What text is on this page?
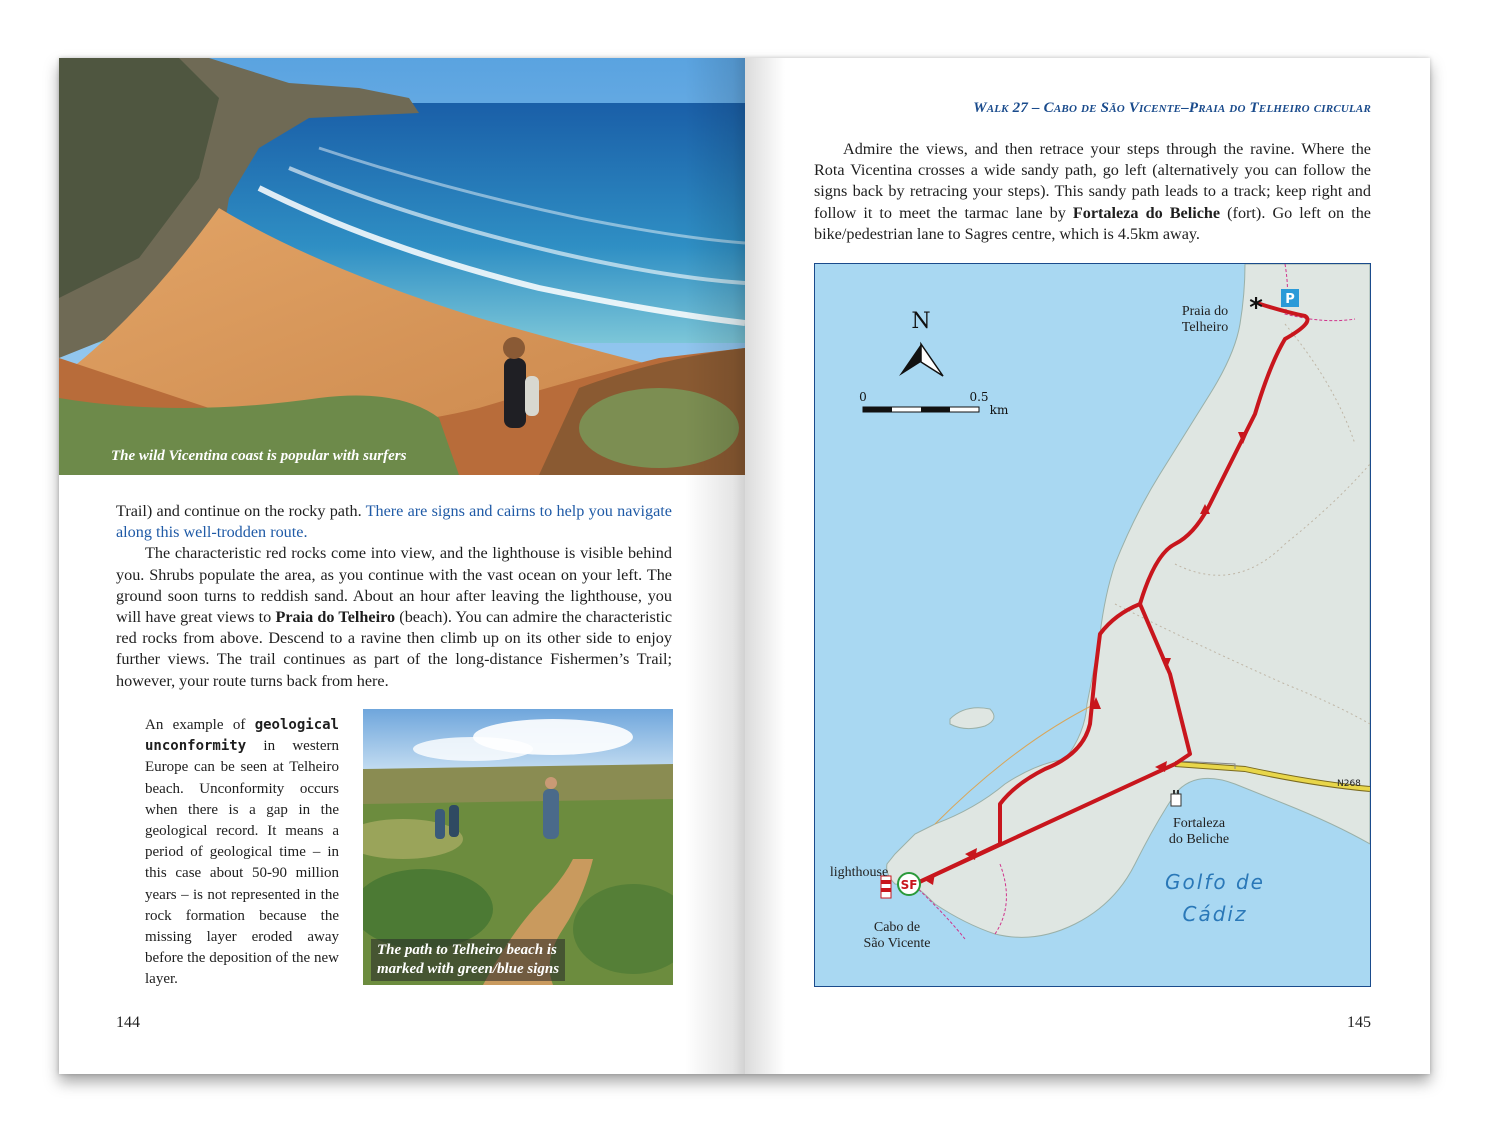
The wild Vicentina coast is popular with surfers

Trail) and continue on the rocky path. There are signs and cairns to help you navigate along this well-trodden route.

The characteristic red rocks come into view, and the lighthouse is visible behind you. Shrubs populate the area, as you continue with the vast ocean on your left. The ground soon turns to reddish sand. About an hour after leaving the lighthouse, you will have great views to Praia do Telheiro (beach). You can admire the characteristic red rocks from above. Descend to a ravine then climb up on its other side to enjoy further views. The trail continues as part of the long-distance Fishermen’s Trail; however, your route turns back from here.

An example of geological unconformity in western Europe can be seen at Telheiro beach. Unconformity occurs when there is a gap in the geological record. It means a period of geological time – in this case about 50-90 million years – is not represented in the rock formation because the missing layer eroded away before the deposition of the new layer.
The path to Telheiro beach is
marked with green/blue signs
144
Walk 27 – Cabo de São Vicente–Praia do Telheiro circular

Admire the views, and then retrace your steps through the ravine. Where the Rota Vicentina crosses a wide sandy path, go left (alternatively you can follow the signs back by retracing your steps). This sandy path leads to a track; keep right and follow it to meet the tarmac lane by Fortaleza do Beliche (fort). Go left on the bike/pedestrian lane to Sagres centre, which is 4.5km away.

SF
P
*
N
0	0.5
km
N268
Praia do
Telheiro
Fortaleza
do Beliche
lighthouse
Cabo de
São Vicente
Golfo de
Cádiz
145
